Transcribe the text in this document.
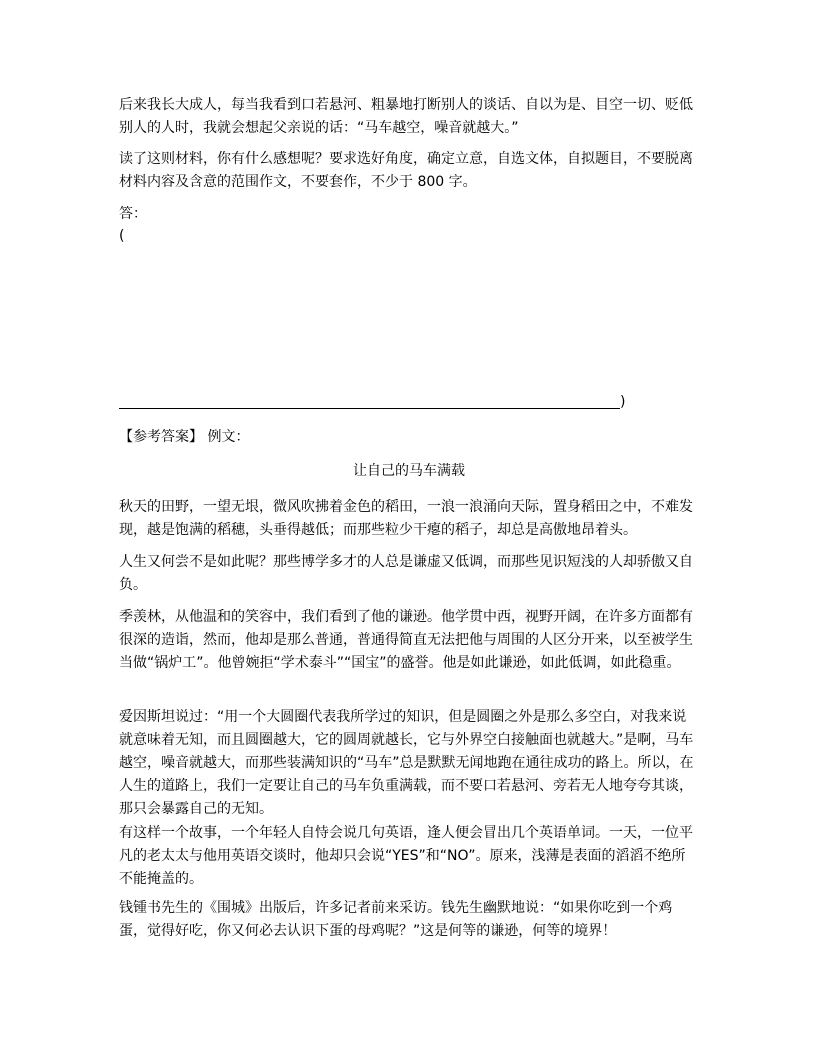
后来我长大成人，每当我看到口若悬河、粗暴地打断别人的谈话、自以为是、目空一切、贬低别人的人时，我就会想起父亲说的话：“马车越空，噪音就越大。”

读了这则材料，你有什么感想呢？要求选好角度，确定立意，自选文体，自拟题目，不要脱离材料内容及含意的范围作文，不要套作，不少于 800 字。

答：
(
)
【参考答案】 例文：
让自己的马车满载

秋天的田野，一望无垠，微风吹拂着金色的稻田，一浪一浪涌向天际，置身稻田之中，不难发现，越是饱满的稻穗，头垂得越低；而那些粒少干瘪的稻子，却总是高傲地昂着头。

人生又何尝不是如此呢？那些博学多才的人总是谦虚又低调，而那些见识短浅的人却骄傲又自负。

季羡林，从他温和的笑容中，我们看到了他的谦逊。他学贯中西，视野开阔，在许多方面都有很深的造诣，然而，他却是那么普通，普通得简直无法把他与周围的人区分开来，以至被学生当做“锅炉工”。他曾婉拒“学术泰斗”“国宝”的盛誉。他是如此谦逊，如此低调，如此稳重。

爱因斯坦说过：“用一个大圆圈代表我所学过的知识，但是圆圈之外是那么多空白，对我来说就意味着无知，而且圆圈越大，它的圆周就越长，它与外界空白接触面也就越大。”是啊，马车越空，噪音就越大，而那些装满知识的“马车”总是默默无闻地跑在通往成功的路上。所以，在人生的道路上，我们一定要让自己的马车负重满载，而不要口若悬河、旁若无人地夸夸其谈，那只会暴露自己的无知。

有这样一个故事，一个年轻人自恃会说几句英语，逢人便会冒出几个英语单词。一天，一位平凡的老太太与他用英语交谈时，他却只会说“YES”和“NO”。原来，浅薄是表面的滔滔不绝所不能掩盖的。

钱锺书先生的《围城》出版后，许多记者前来采访。钱先生幽默地说：“如果你吃到一个鸡蛋，觉得好吃，你又何必去认识下蛋的母鸡呢？”这是何等的谦逊，何等的境界！
